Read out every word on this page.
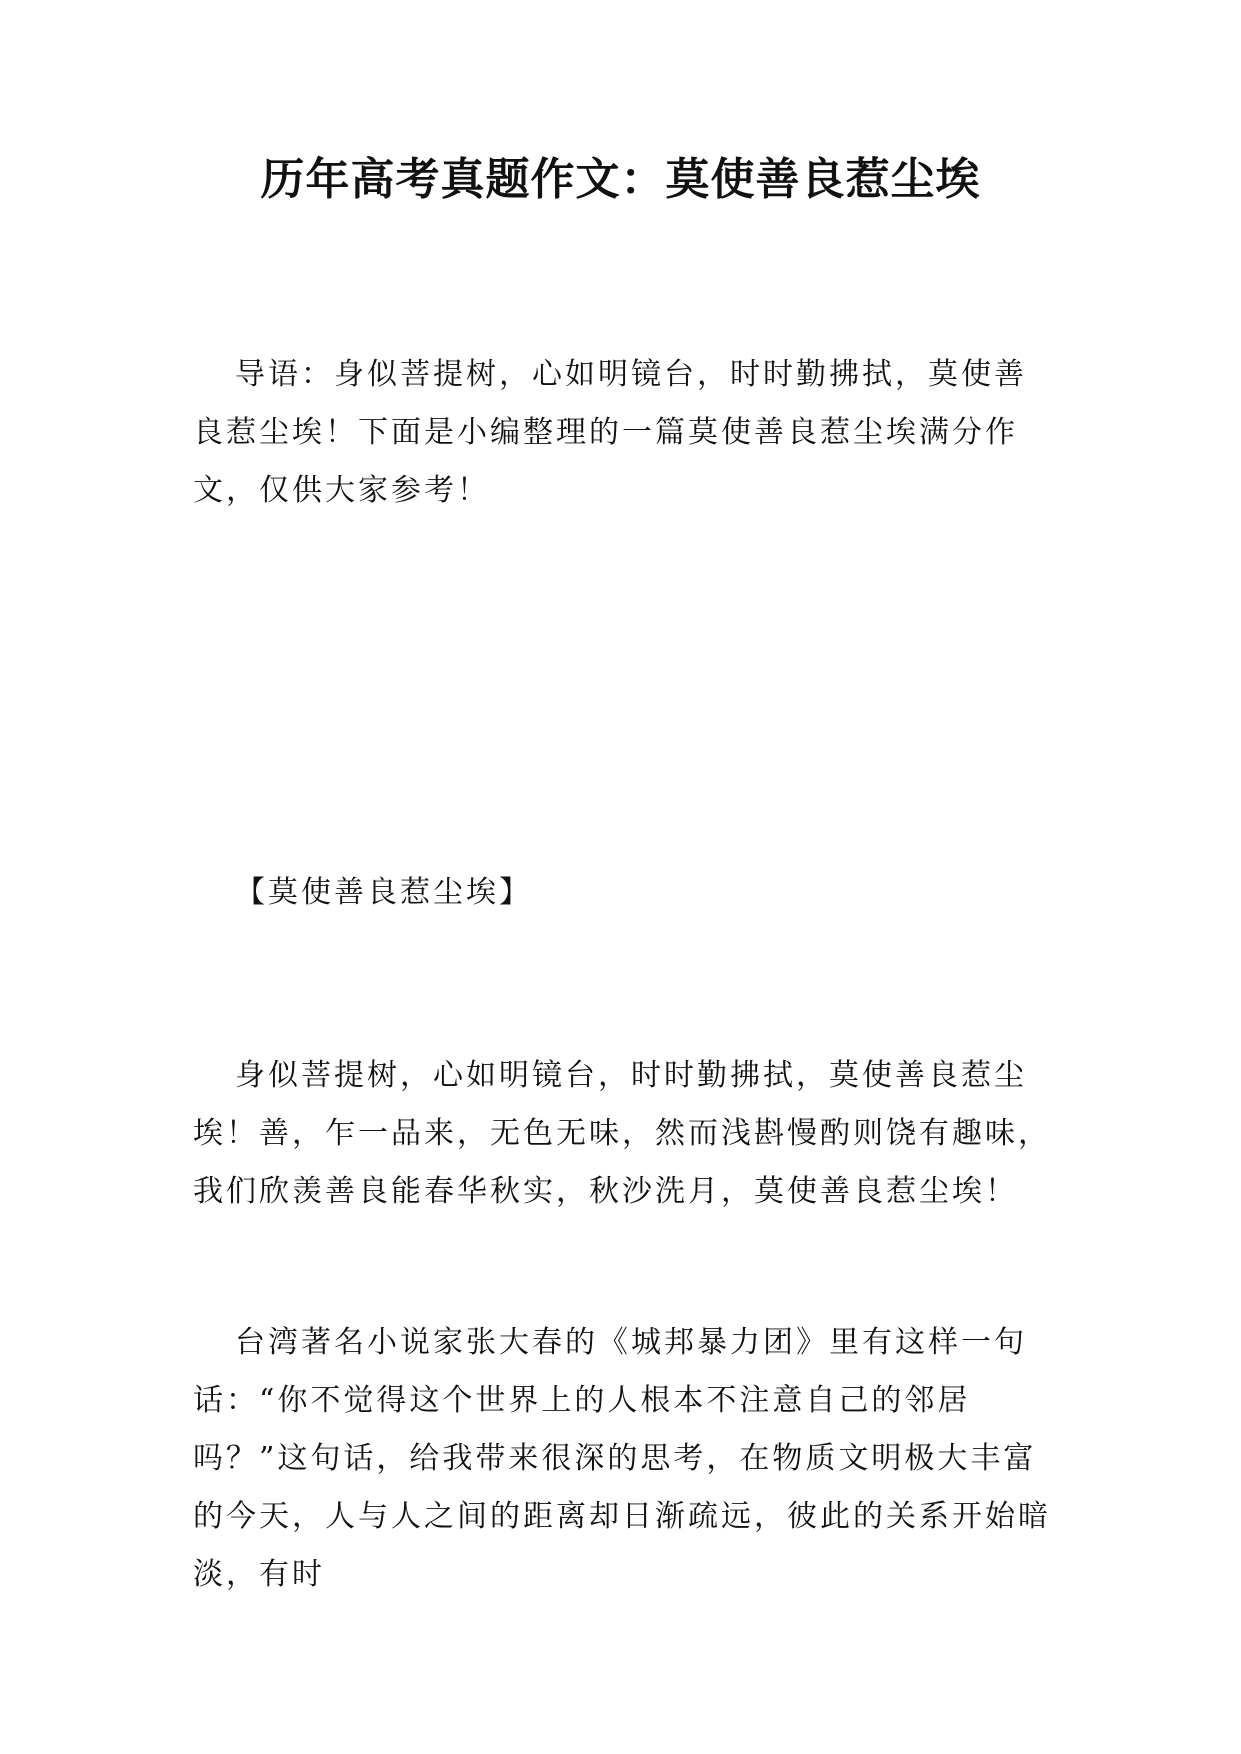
历年高考真题作文：莫使善良惹尘埃

导语：身似菩提树，心如明镜台，时时勤拂拭，莫使善良惹尘埃！下面是小编整理的一篇莫使善良惹尘埃满分作文，仅供大家参考！

【莫使善良惹尘埃】

身似菩提树，心如明镜台，时时勤拂拭，莫使善良惹尘埃！善，乍一品来，无色无味，然而浅斟慢酌则饶有趣味，我们欣羡善良能春华秋实，秋沙洗月，莫使善良惹尘埃！

台湾著名小说家张大春的《城邦暴力团》里有这样一句话：“你不觉得这个世界上的人根本不注意自己的邻居吗？”这句话，给我带来很深的思考，在物质文明极大丰富的今天，人与人之间的距离却日渐疏远，彼此的关系开始暗淡，有时
